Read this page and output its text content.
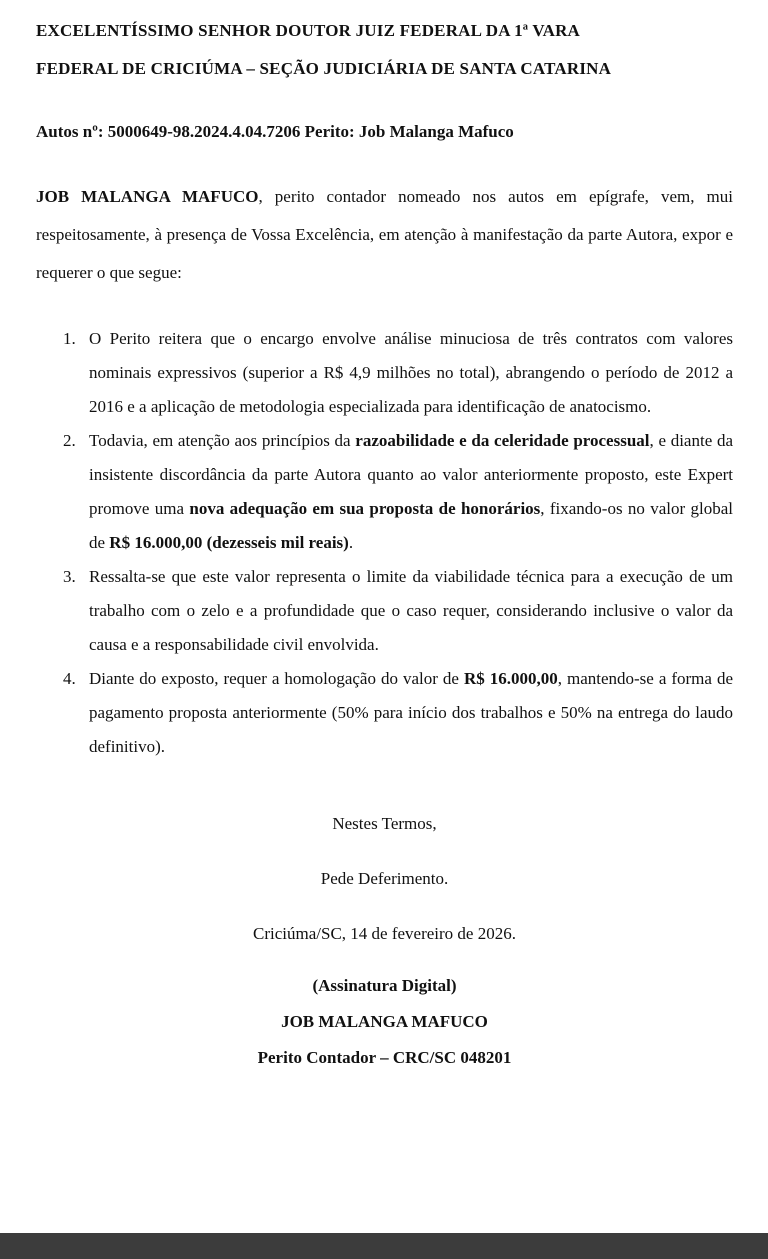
EXCELENTÍSSIMO SENHOR DOUTOR JUIZ FEDERAL DA 1ª VARA
FEDERAL DE CRICIÚMA – SEÇÃO JUDICIÁRIA DE SANTA CATARINA

Autos nº: 5000649-98.2024.4.04.7206 Perito: Job Malanga Mafuco

JOB MALANGA MAFUCO, perito contador nomeado nos autos em epígrafe, vem, mui respeitosamente, à presença de Vossa Excelência, em atenção à manifestação da parte Autora, expor e requerer o que segue:

1. O Perito reitera que o encargo envolve análise minuciosa de três contratos com valores nominais expressivos (superior a R$ 4,9 milhões no total), abrangendo o período de 2012 a 2016 e a aplicação de metodologia especializada para identificação de anatocismo.
2. Todavia, em atenção aos princípios da razoabilidade e da celeridade processual, e diante da insistente discordância da parte Autora quanto ao valor anteriormente proposto, este Expert promove uma nova adequação em sua proposta de honorários, fixando-os no valor global de R$ 16.000,00 (dezesseis mil reais).
3. Ressalta-se que este valor representa o limite da viabilidade técnica para a execução de um trabalho com o zelo e a profundidade que o caso requer, considerando inclusive o valor da causa e a responsabilidade civil envolvida.
4. Diante do exposto, requer a homologação do valor de R$ 16.000,00, mantendo-se a forma de pagamento proposta anteriormente (50% para início dos trabalhos e 50% na entrega do laudo definitivo).

Nestes Termos,

Pede Deferimento.

Criciúma/SC, 14 de fevereiro de 2026.

(Assinatura Digital)

JOB MALANGA MAFUCO

Perito Contador – CRC/SC 048201
